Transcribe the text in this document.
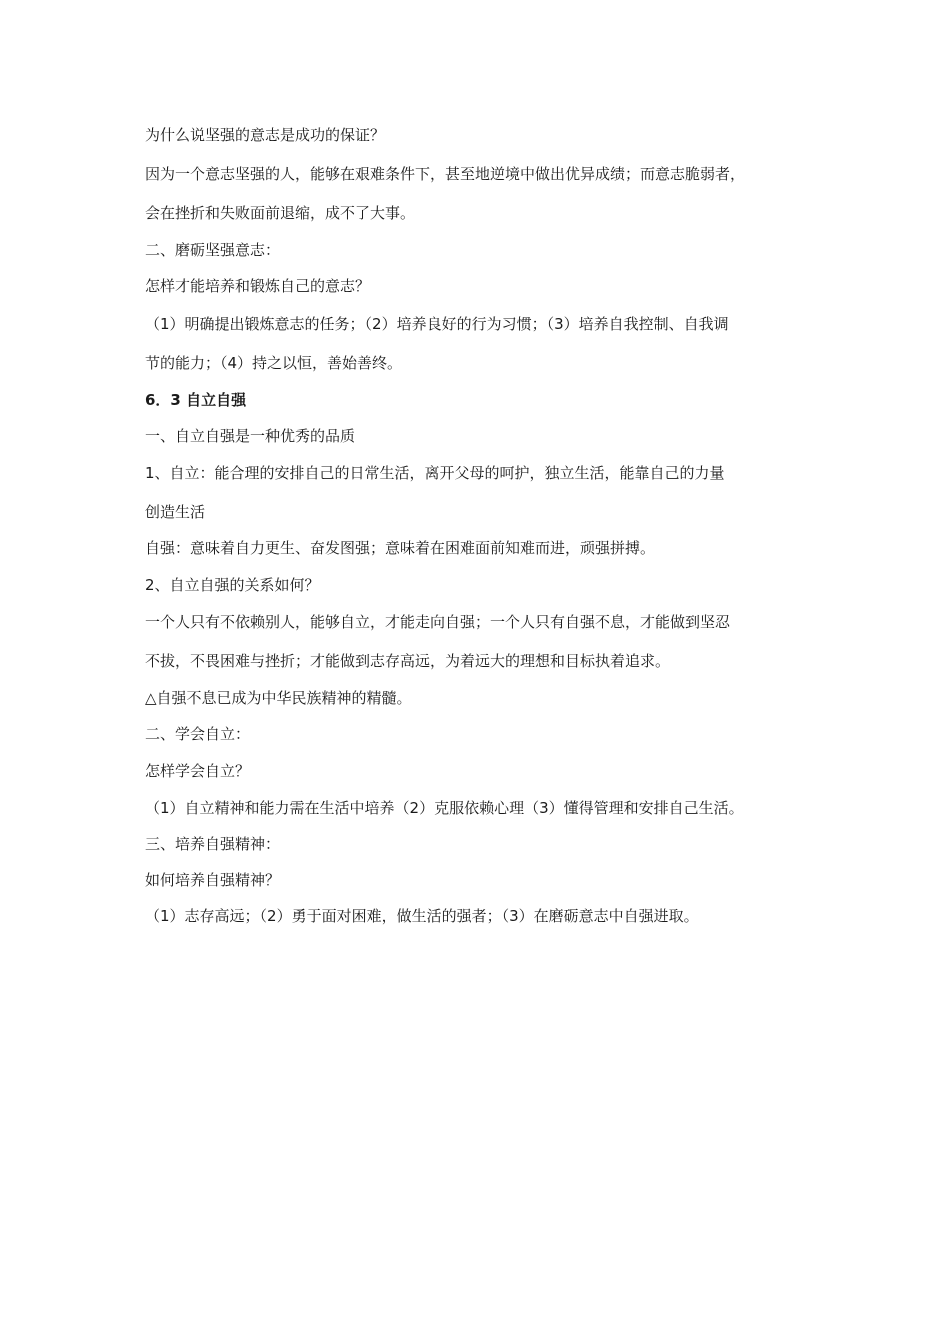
为什么说坚强的意志是成功的保证？
因为一个意志坚强的人，能够在艰难条件下，甚至地逆境中做出优异成绩；而意志脆弱者，
会在挫折和失败面前退缩，成不了大事。
二、磨砺坚强意志：
怎样才能培养和锻炼自己的意志？
（1）明确提出锻炼意志的任务；（2）培养良好的行为习惯；（3）培养自我控制、自我调
节的能力；（4）持之以恒，善始善终。
6．3 自立自强
一、自立自强是一种优秀的品质
1、自立：能合理的安排自己的日常生活，离开父母的呵护，独立生活，能靠自己的力量
创造生活
自强：意味着自力更生、奋发图强；意味着在困难面前知难而进，顽强拼搏。
2、自立自强的关系如何？
一个人只有不依赖别人，能够自立，才能走向自强；一个人只有自强不息，才能做到坚忍
不拔，不畏困难与挫折；才能做到志存高远，为着远大的理想和目标执着追求。
△自强不息已成为中华民族精神的精髓。
二、学会自立：
怎样学会自立？
（1）自立精神和能力需在生活中培养（2）克服依赖心理（3）懂得管理和安排自己生活。
三、培养自强精神：
如何培养自强精神？
（1）志存高远；（2）勇于面对困难，做生活的强者；（3）在磨砺意志中自强进取。
